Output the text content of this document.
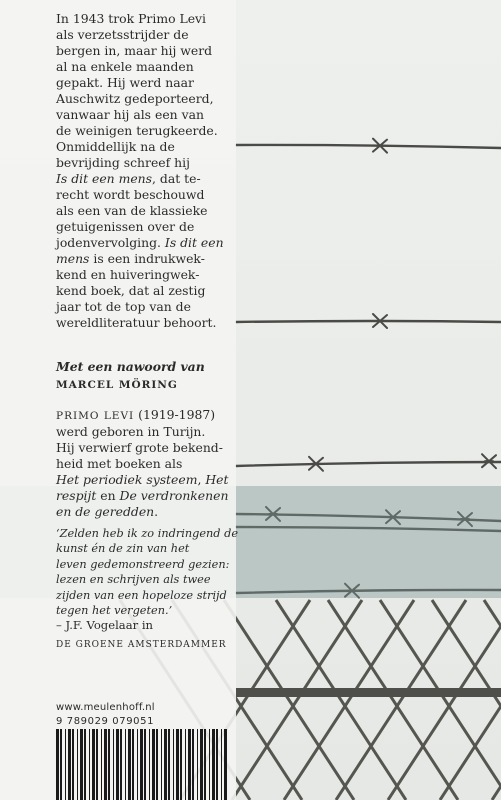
In 1943 trok Primo Levi
als verzetsstrijder de
bergen in, maar hij werd
al na enkele maanden
gepakt. Hij werd naar
Auschwitz gedeporteerd,
vanwaar hij als een van
de weinigen terugkeerde.
Onmiddellijk na de
bevrijding schreef hij
Is dit een mens, dat te-
recht wordt beschouwd
als een van de klassieke
getuigenissen over de
jodenvervolging. Is dit een
mens is een indrukwek-
kend en huiveringwek-
kend boek, dat al zestig
jaar tot de top van de
wereldliteratuur behoort.
Met een nawoord van
MARCEL MÖRING
PRIMO LEVI (1919-1987)
werd geboren in Turijn.
Hij verwierf grote bekend-
heid met boeken als
Het periodiek systeem, Het
respijt en De verdronkenen
en de geredden.
‘Zelden heb ik zo indringend de
kunst én de zin van het
leven gedemonstreerd gezien:
lezen en schrijven als twee
zijden van een hopeloze strijd
tegen het vergeten.’
– J.F. Vogelaar in
DE GROENE AMSTERDAMMER
www.meulenhoff.nl
9 789029 079051
